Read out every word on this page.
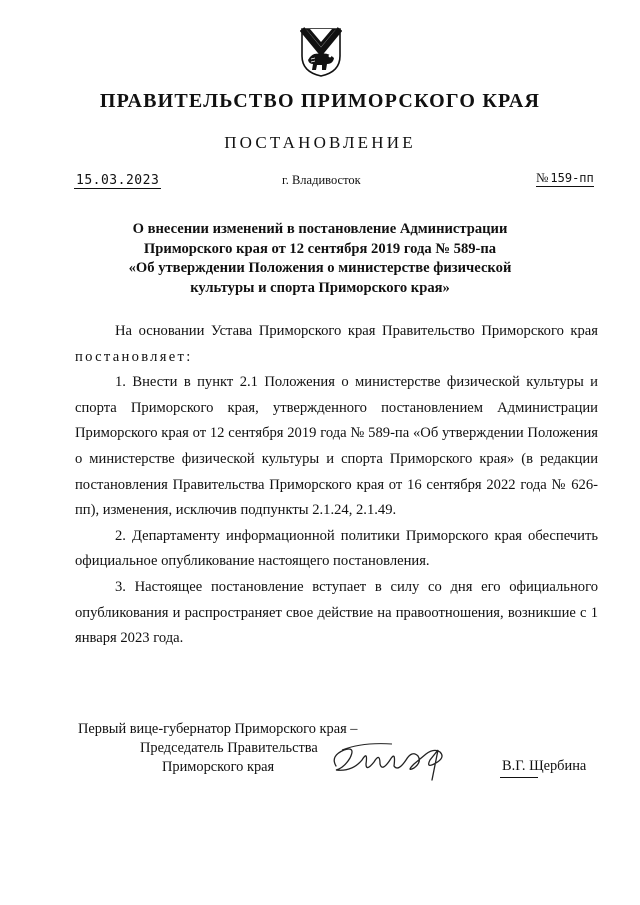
ПРАВИТЕЛЬСТВО ПРИМОРСКОГО КРАЯ
ПОСТАНОВЛЕНИЕ
15.03.2023	г. Владивосток	№ 159-пп
О внесении изменений в постановление Администрации
Приморского края от 12 сентября 2019 года № 589-па
«Об утверждении Положения о министерстве физической
культуры и спорта Приморского края»

На основании Устава Приморского края Правительство Приморского края постановляет:

1. Внести в пункт 2.1 Положения о министерстве физической культуры и спорта Приморского края, утвержденного постановлением Администрации Приморского края от 12 сентября 2019 года № 589-па «Об утверждении Положения о министерстве физической культуры и спорта Приморского края» (в редакции постановления Правительства Приморского края от 16 сентября 2022 года № 626-пп), изменения, исключив подпункты 2.1.24, 2.1.49.

2. Департаменту информационной политики Приморского края обеспечить официальное опубликование настоящего постановления.

3. Настоящее постановление вступает в силу со дня его официального опубликования и распространяет свое действие на правоотношения, возникшие с 1 января 2023 года.

Первый вице-губернатор Приморского края –
Председатель Правительства
Приморского края	В.Г. Щербина
